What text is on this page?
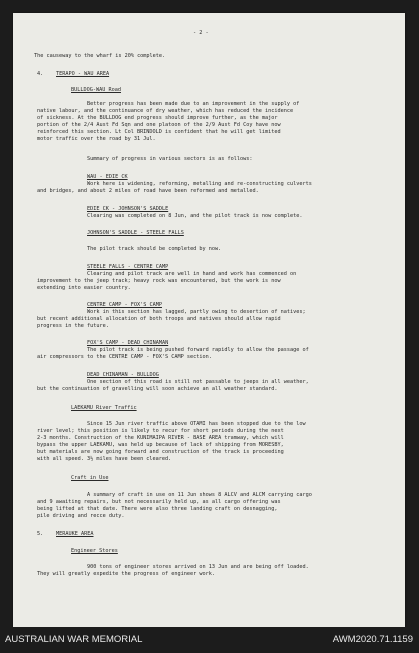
- 2 -
The causeway to the wharf is 20% complete.
4. TERAPO - WAU AREA
BULLDOG-WAU Road
Better progress has been made due to an improvement in the supply of
native labour, and the continuance of dry weather, which has reduced the incidence
of sickness. At the BULLDOG end progress should improve further, as the major
portion of the 2/4 Aust Fd Sqn and one platoon of the 2/9 Aust Fd Coy have now
reinforced this section. Lt Col BRINDOLD is confident that he will get limited
motor traffic over the road by 31 Jul.
Summary of progress in various sectors is as follows:
WAU - EDIE CK
Work here is widening, reforming, metalling and re-constructing culverts
and bridges, and about 2 miles of road have been reformed and metalled.
EDIE CK - JOHNSON'S SADDLE
Clearing was completed on 8 Jun, and the pilot track is now complete.
JOHNSON'S SADDLE - STEELE FALLS
The pilot track should be completed by now.
STEELE FALLS - CENTRE CAMP
Clearing and pilot track are well in hand and work has commenced on
improvement to the jeep track; heavy rock was encountered, but the work is now
extending into easier country.
CENTRE CAMP - FOX'S CAMP
Work in this section has lagged, partly owing to desertion of natives;
but recent additional allocation of both troops and natives should allow rapid
progress in the future.
FOX'S CAMP - DEAD CHINAMAN
The pilot track is being pushed forward rapidly to allow the passage of
air compressors to the CENTRE CAMP - FOX'S CAMP section.
DEAD CHINAMAN - BULLDOG
One section of this road is still not passable to jeeps in all weather,
but the continuation of gravelling will soon achieve an all weather standard.
LAEKAMU River Traffic
Since 15 Jun river traffic above OTAMI has been stopped due to the low
river level; this position is likely to recur for short periods during the next
2-3 months. Construction of the KUNIMAIPA RIVER - BASE AREA tramway, which will
bypass the upper LAEKAMU, was held up because of lack of shipping from MORESBY,
but materials are now going forward and construction of the track is proceeding
with all speed. 3½ miles have been cleared.
Craft in Use
A summary of craft in use on 11 Jun shows 8 ALCV and ALCM carrying cargo
and 9 awaiting repairs, but not necessarily held up, as all cargo offering was
being lifted at that date. There were also three landing craft on desnagging,
pile driving and recce duty.
5. MERAUKE AREA
Engineer Stores
900 tons of engineer stores arrived on 13 Jun and are being off loaded.
They will greatly expedite the progress of engineer work.
AUSTRALIAN WAR MEMORIAL	AWM2020.71.1159
